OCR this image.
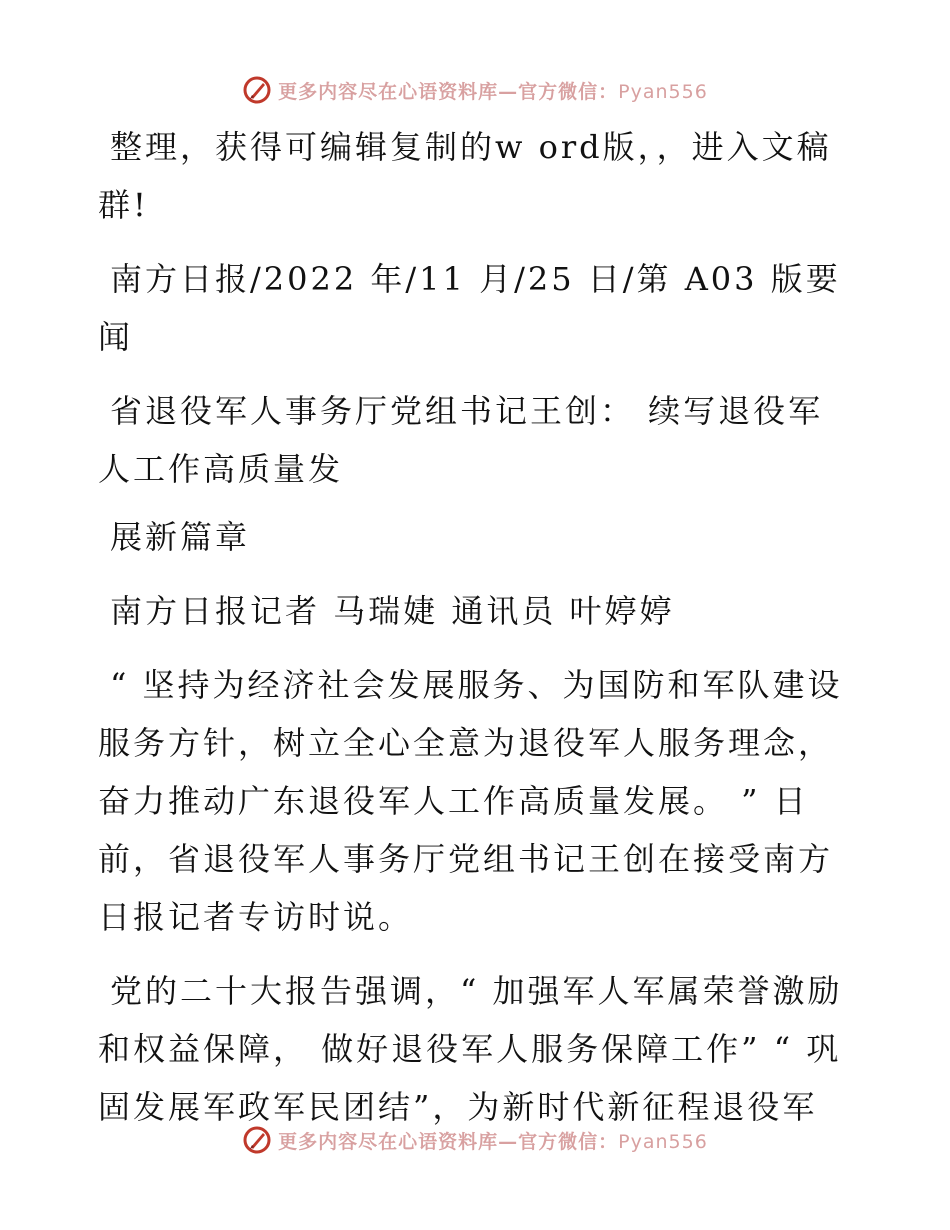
更多内容尽在心语资料库—官方微信：Pyan556

整理，获得可编辑复制的w ord版，，进入文稿群!

南方日报/2022 年/11 月/25 日/第 A03 版要闻

省退役军人事务厅党组书记王创： 续写退役军人工作高质量发

展新篇章

南方日报记者 马瑞婕 通讯员 叶婷婷

“ 坚持为经济社会发展服务、为国防和军队建设服务方针，树立全心全意为退役军人服务理念，奋力推动广东退役军人工作高质量发展。 ” 日前，省退役军人事务厅党组书记王创在接受南方日报记者专访时说。

党的二十大报告强调，“ 加强军人军属荣誉激励和权益保障， 做好退役军人服务保障工作” “ 巩固发展军政军民团结”，为新时代新征程退役军

更多内容尽在心语资料库—官方微信：Pyan556
